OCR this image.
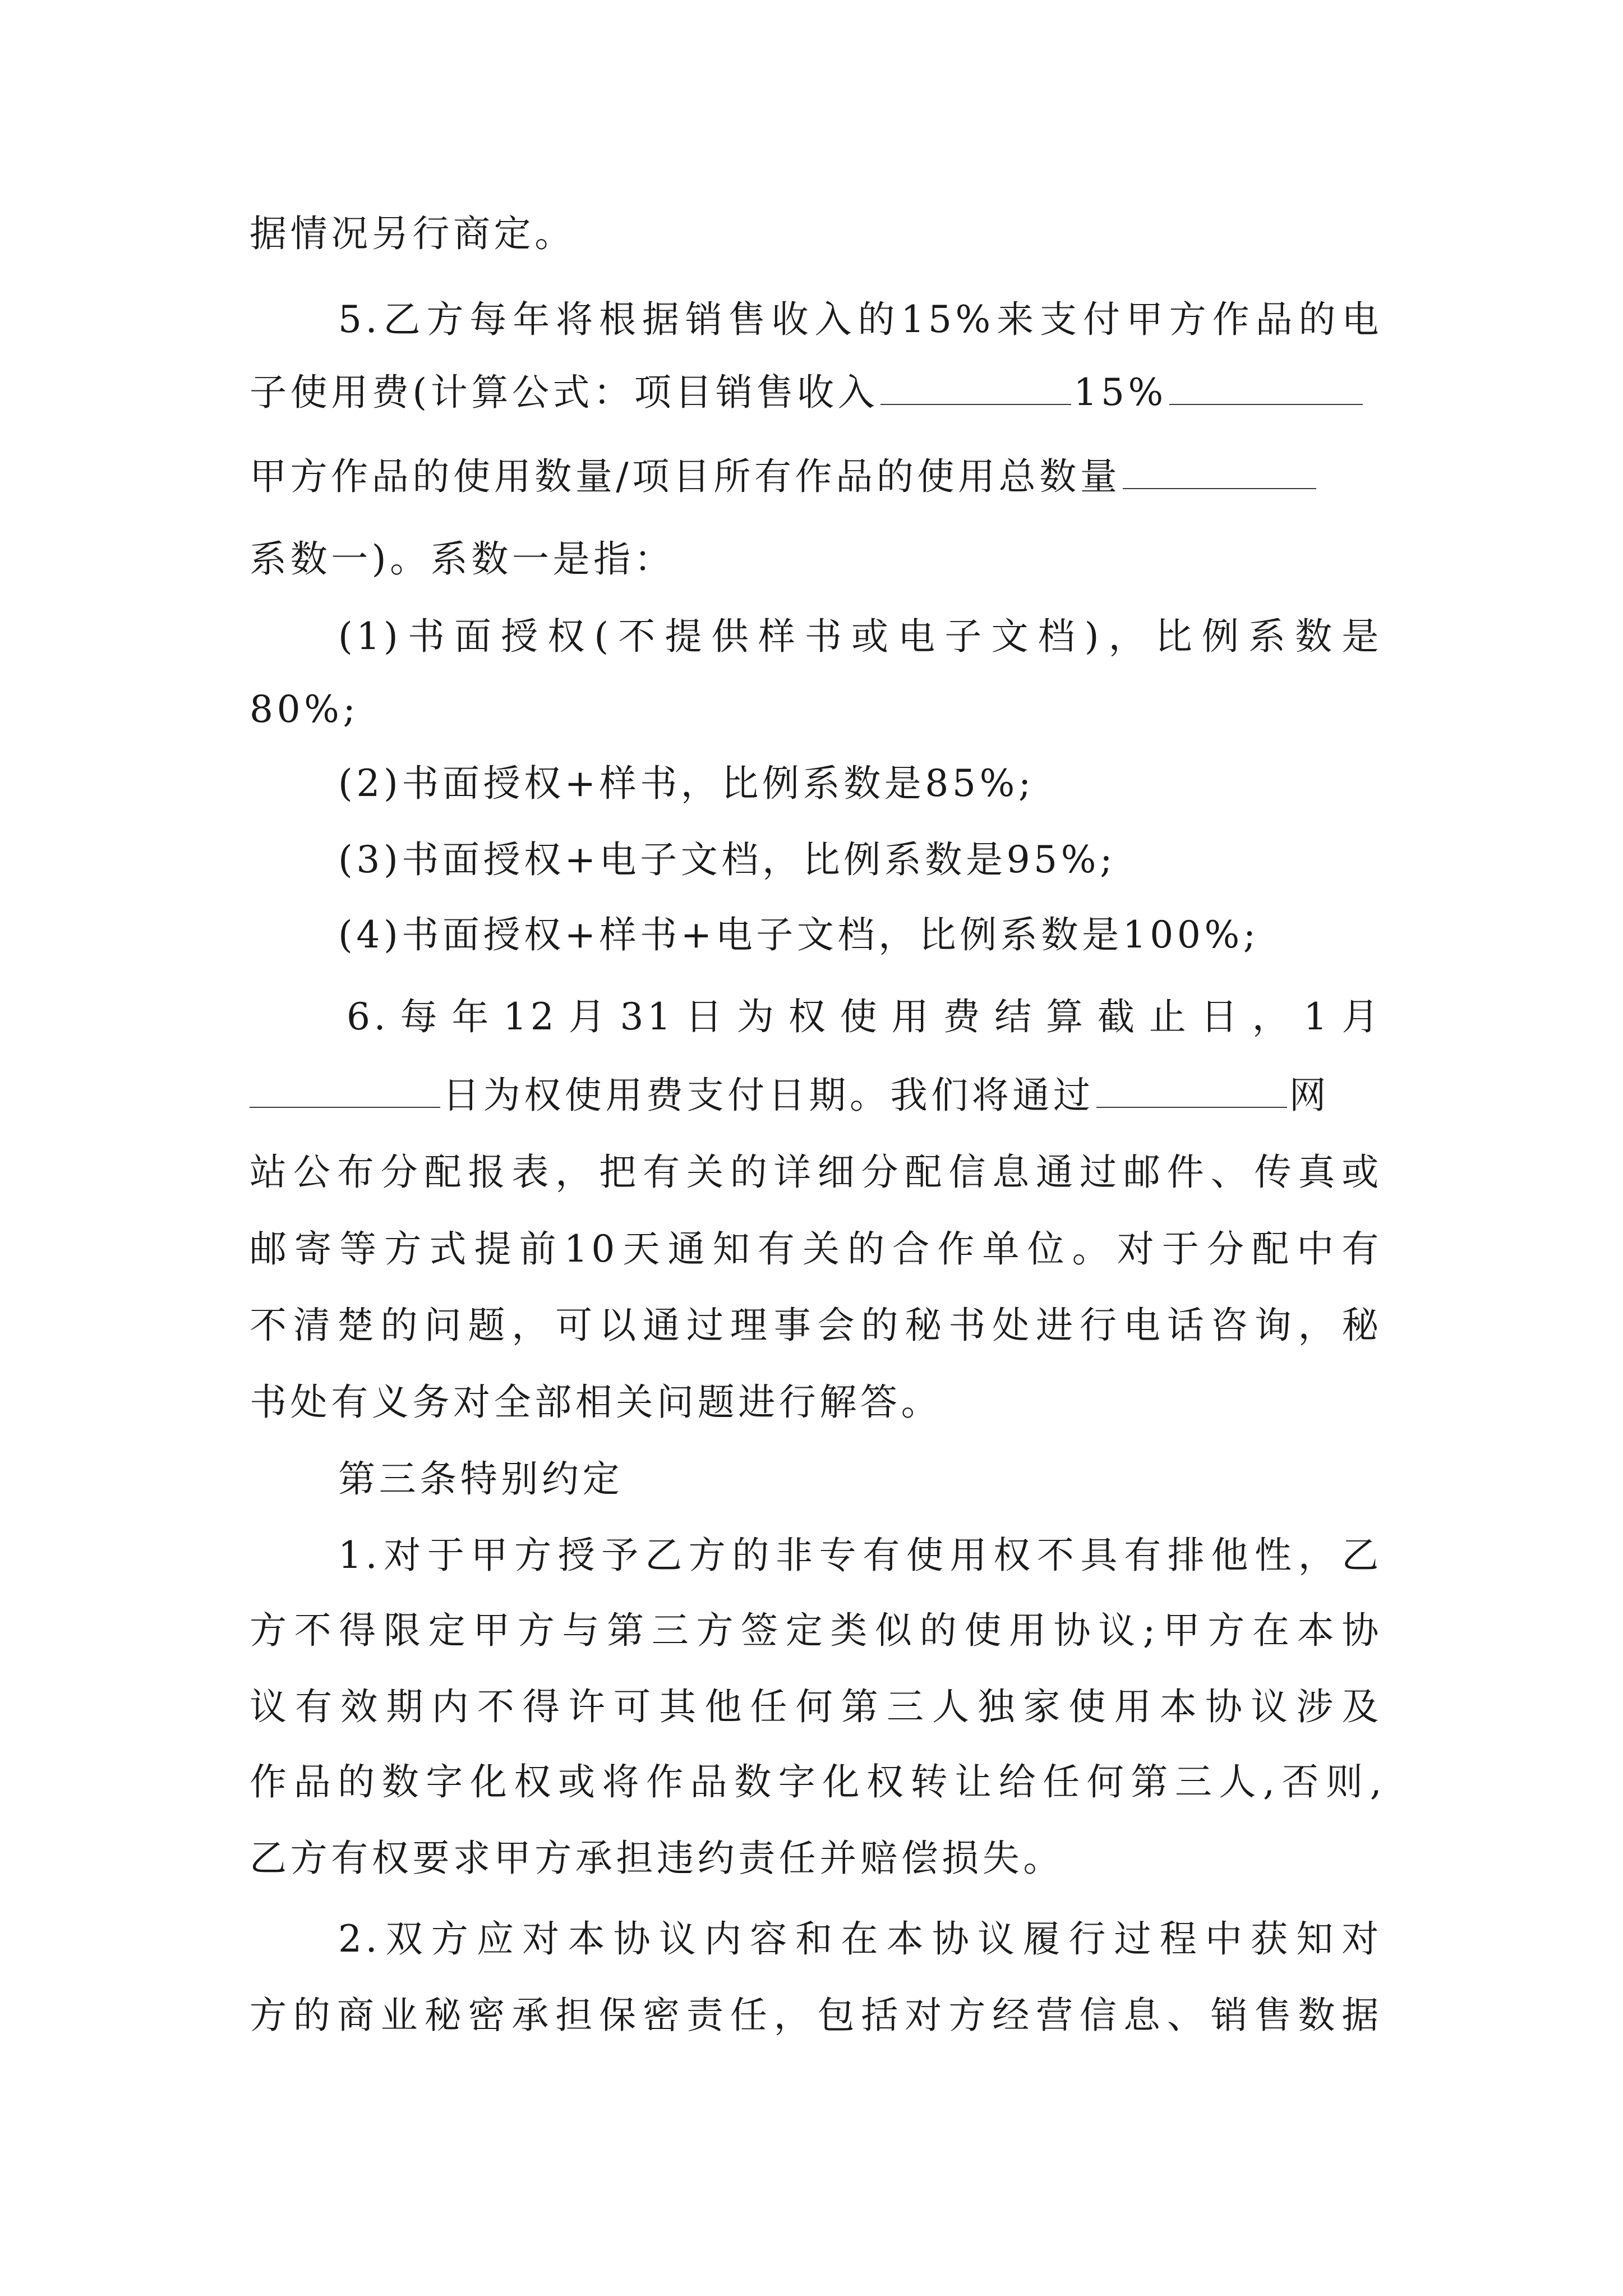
据情况另行商定。
5.乙方每年将根据销售收入的15%来支付甲方作品的电
子使用费(计算公式：项目销售收入	15%
甲方作品的使用数量/项目所有作品的使用总数量
系数一)。系数一是指：
(1)书面授权(不提供样书或电子文档)，比例系数是
80%;
(2)书面授权+样书，比例系数是85%;
(3)书面授权+电子文档，比例系数是95%;
(4)书面授权+样书+电子文档，比例系数是100%;
6.每年12月31日为权使用费结算截止日，1月
日为权使用费支付日期。我们将通过	网
站公布分配报表，把有关的详细分配信息通过邮件、传真或
邮寄等方式提前10天通知有关的合作单位。对于分配中有
不清楚的问题，可以通过理事会的秘书处进行电话咨询，秘
书处有义务对全部相关问题进行解答。
第三条特别约定
1.对于甲方授予乙方的非专有使用权不具有排他性，乙
方不得限定甲方与第三方签定类似的使用协议;甲方在本协
议有效期内不得许可其他任何第三人独家使用本协议涉及
作品的数字化权或将作品数字化权转让给任何第三人,否则,
乙方有权要求甲方承担违约责任并赔偿损失。
2.双方应对本协议内容和在本协议履行过程中获知对
方的商业秘密承担保密责任，包括对方经营信息、销售数据
